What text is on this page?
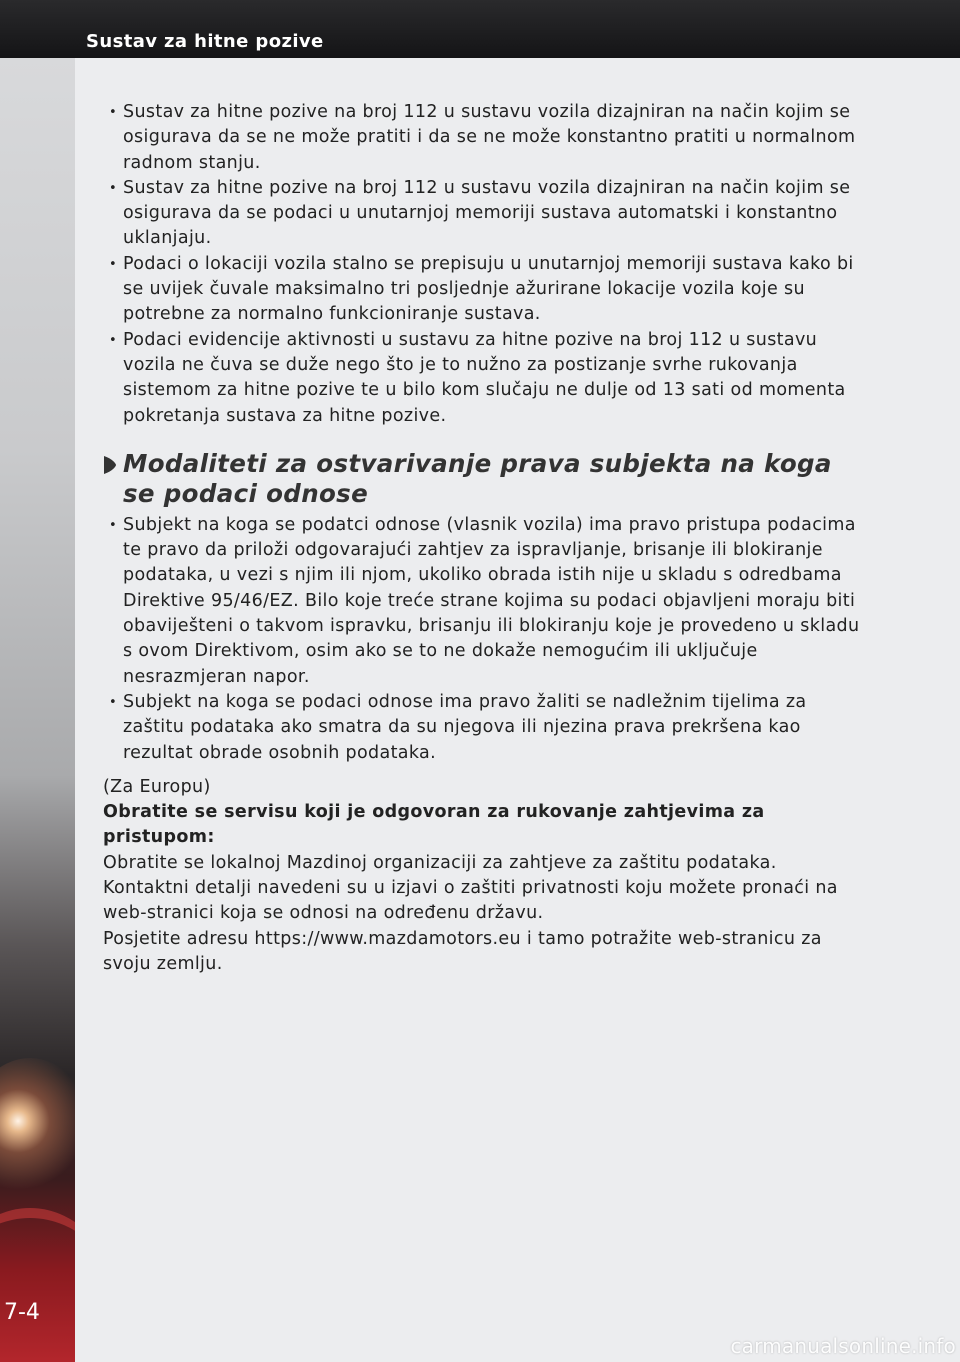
Sustav za hitne pozive
7-4
• Sustav za hitne pozive na broj 112 u sustavu vozila dizajniran na način kojim se osigurava da se ne može pratiti i da se ne može konstantno pratiti u normalnom radnom stanju.
• Sustav za hitne pozive na broj 112 u sustavu vozila dizajniran na način kojim se osigurava da se podaci u unutarnjoj memoriji sustava automatski i konstantno uklanjaju.
• Podaci o lokaciji vozila stalno se prepisuju u unutarnjoj memoriji sustava kako bi se uvijek čuvale maksimalno tri posljednje ažurirane lokacije vozila koje su potrebne za normalno funkcioniranje sustava.
• Podaci evidencije aktivnosti u sustavu za hitne pozive na broj 112 u sustavu vozila ne čuva se duže nego što je to nužno za postizanje svrhe rukovanja sistemom za hitne pozive te u bilo kom slučaju ne dulje od 13 sati od momenta pokretanja sustava za hitne pozive.
Modaliteti za ostvarivanje prava subjekta na koga se podaci odnose
• Subjekt na koga se podatci odnose (vlasnik vozila) ima pravo pristupa podacima te pravo da priloži odgovarajući zahtjev za ispravljanje, brisanje ili blokiranje podataka, u vezi s njim ili njom, ukoliko obrada istih nije u skladu s odredbama Direktive 95/46/EZ. Bilo koje treće strane kojima su podaci objavljeni moraju biti obaviješteni o takvom ispravku, brisanju ili blokiranju koje je provedeno u skladu s ovom Direktivom, osim ako se to ne dokaže nemogućim ili uključuje nesrazmjeran napor.
• Subjekt na koga se podaci odnose ima pravo žaliti se nadležnim tijelima za zaštitu podataka ako smatra da su njegova ili njezina prava prekršena kao rezultat obrade osobnih podataka.

(Za Europu)

Obratite se servisu koji je odgovoran za rukovanje zahtjevima za pristupom:

Obratite se lokalnoj Mazdinoj organizaciji za zahtjeve za zaštitu podataka.

Kontaktni detalji navedeni su u izjavi o zaštiti privatnosti koju možete pronaći na web-stranici koja se odnosi na određenu državu.

Posjetite adresu https://www.mazdamotors.eu i tamo potražite web-stranicu za svoju zemlju.

carmanualsonline.info
